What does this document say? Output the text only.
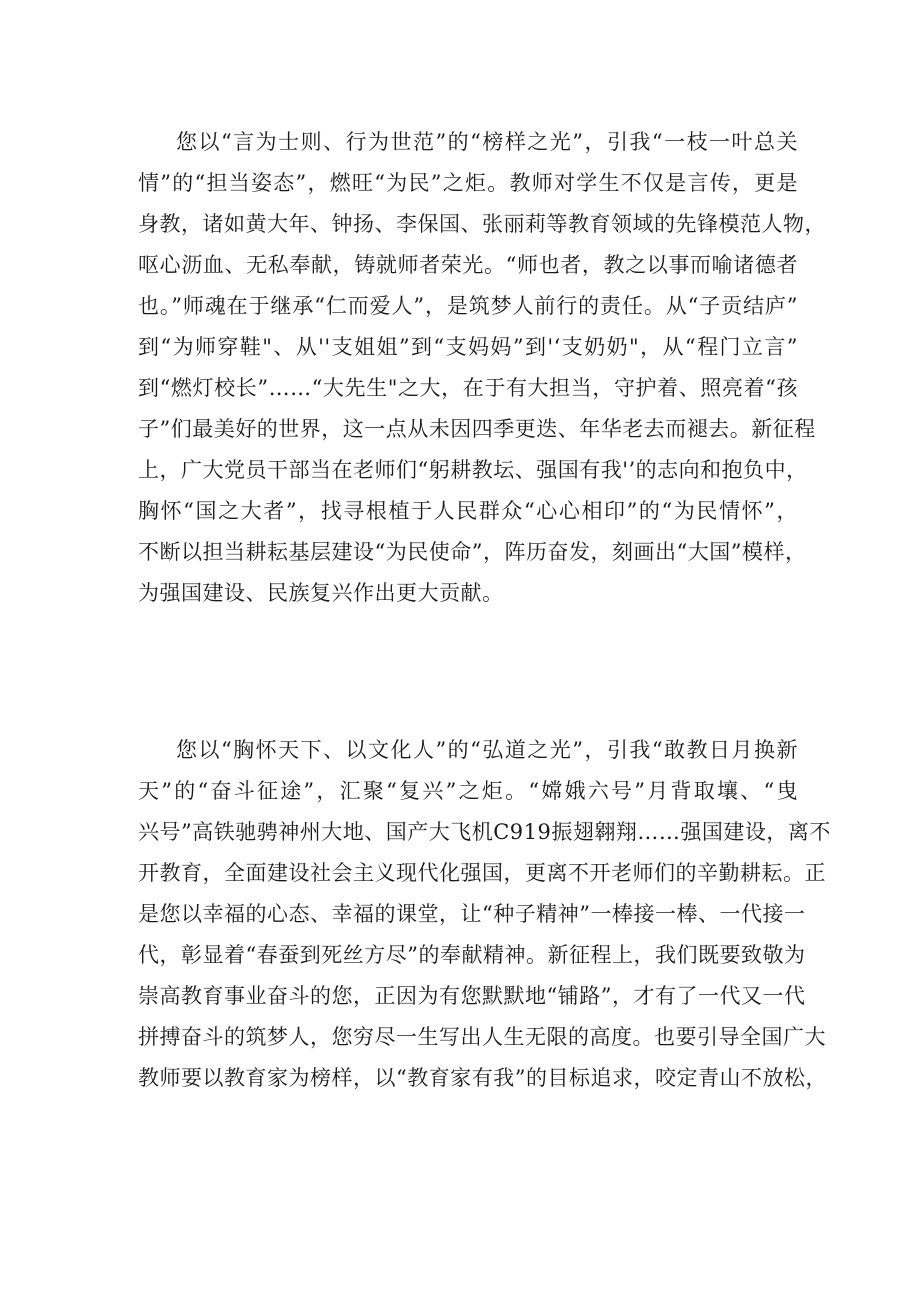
您以“言为士则、行为世范”的“榜样之光”，引我“一枝一叶总关
情”的“担当姿态”，燃旺“为民”之炬。教师对学生不仅是言传，更是
身教，诸如黄大年、钟扬、李保国、张丽莉等教育领域的先锋模范人物，
呕心沥血、无私奉献，铸就师者荣光。“师也者，教之以事而喻诸德者
也。”师魂在于继承“仁而爱人”，是筑梦人前行的责任。从“子贡结庐”
到“为师穿鞋"、从''支姐姐”到“支妈妈”到'‘支奶奶"，从“程门立言”
到“燃灯校长”……“大先生"之大，在于有大担当，守护着、照亮着“孩
子”们最美好的世界，这一点从未因四季更迭、年华老去而褪去。新征程
上，广大党员干部当在老师们“躬耕教坛、强国有我'’的志向和抱负中，
胸怀“国之大者”，找寻根植于人民群众“心心相印”的“为民情怀”，
不断以担当耕耘基层建设“为民使命”，阵历奋发，刻画出“大国”模样，
为强国建设、民族复兴作出更大贡献。
您以“胸怀天下、以文化人”的“弘道之光”，引我“敢教日月换新
天”的“奋斗征途”，汇聚“复兴”之炬。“嫦娥六号”月背取壤、“曳
兴号”高铁驰骋神州大地、国产大飞机C919振翅翱翔……强国建设，离不
开教育，全面建设社会主义现代化强国，更离不开老师们的辛勤耕耘。正
是您以幸福的心态、幸福的课堂，让“种子精神”一棒接一棒、一代接一
代，彰显着“春蚕到死丝方尽”的奉献精神。新征程上，我们既要致敬为
崇高教育事业奋斗的您，正因为有您默默地“铺路”，才有了一代又一代
拼搏奋斗的筑梦人，您穷尽一生写出人生无限的高度。也要引导全国广大
教师要以教育家为榜样，以“教育家有我”的目标追求，咬定青山不放松，
